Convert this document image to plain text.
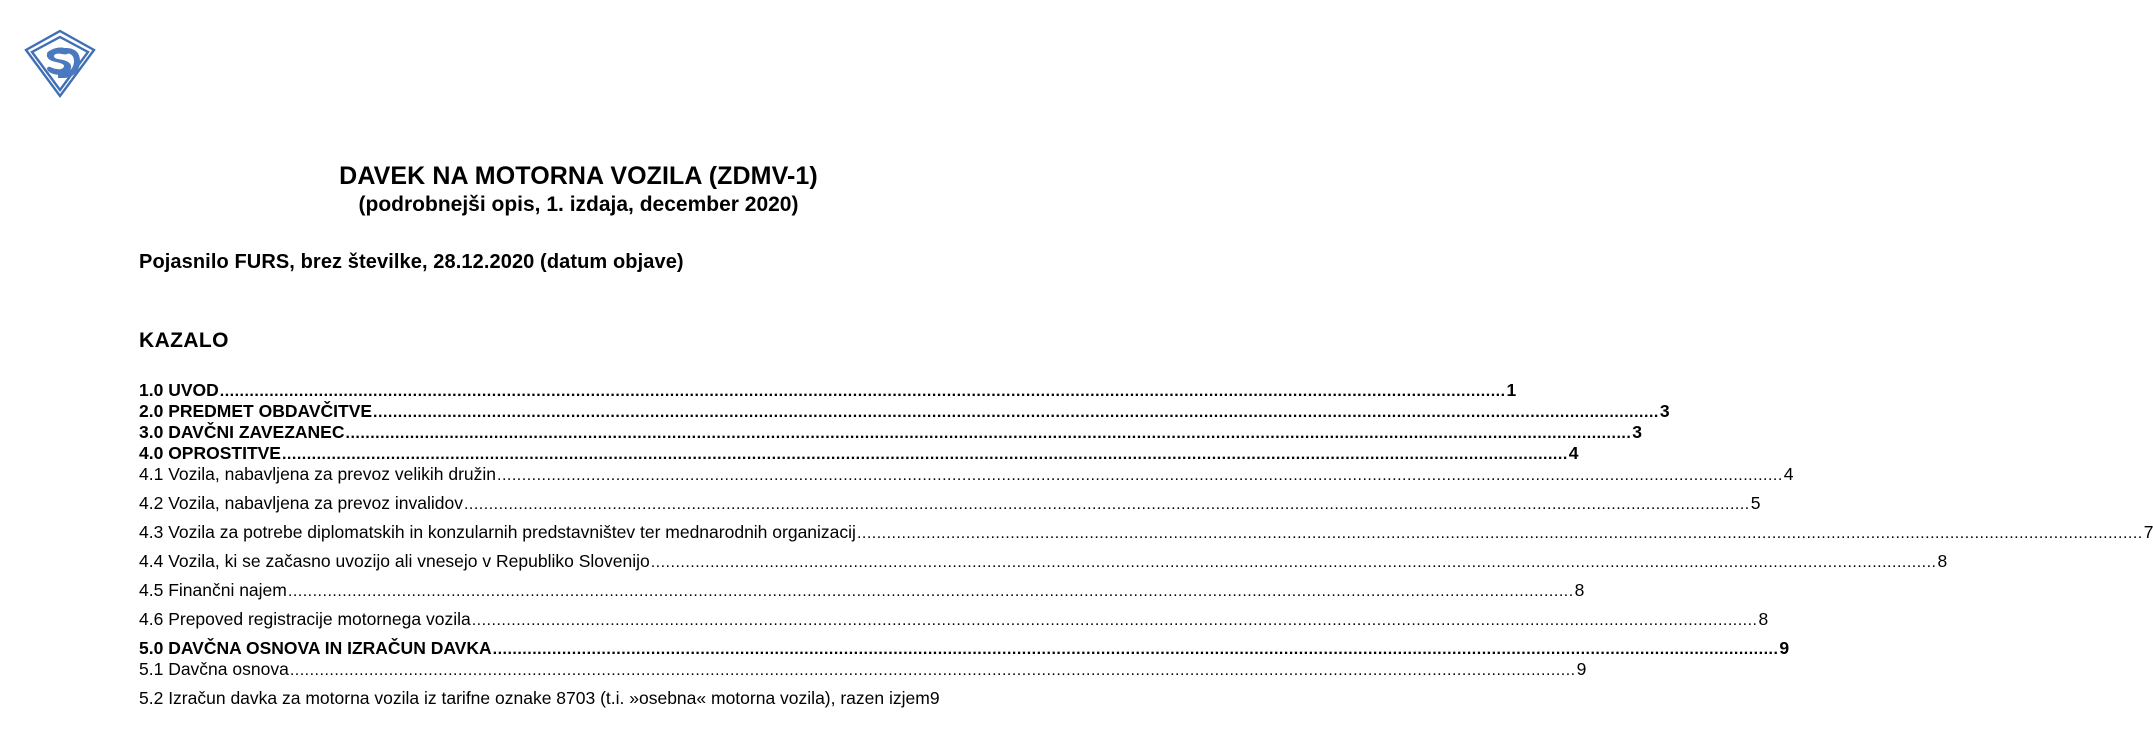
DAVEK NA MOTORNA VOZILA (ZDMV-1)
(podrobnejši opis, 1. izdaja, december 2020)
Pojasnilo FURS, brez številke, 28.12.2020 (datum objave)
KAZALO
1.0 UVOD .................................................................................................................................................................................................................................................................... 1
2.0 PREDMET OBDAVČITVE .................................................................................................................................................................................................................................................................... 3
3.0 DAVČNI ZAVEZANEC .................................................................................................................................................................................................................................................................... 3
4.0 OPROSTITVE .................................................................................................................................................................................................................................................................... 4
4.1 Vozila, nabavljena za prevoz velikih družin .................................................................................................................................................................................................................................................................... 4
4.2 Vozila, nabavljena za prevoz invalidov .................................................................................................................................................................................................................................................................... 5
4.3 Vozila za potrebe diplomatskih in konzularnih predstavništev ter mednarodnih organizacij .................................................................................................................................................................................................................................................................... 7
4.4 Vozila, ki se začasno uvozijo ali vnesejo v Republiko Slovenijo .................................................................................................................................................................................................................................................................... 8
4.5 Finančni najem .................................................................................................................................................................................................................................................................... 8
4.6 Prepoved registracije motornega vozila .................................................................................................................................................................................................................................................................... 8
5.0 DAVČNA OSNOVA IN IZRAČUN DAVKA .................................................................................................................................................................................................................................................................... 9
5.1 Davčna osnova .................................................................................................................................................................................................................................................................... 9
5.2 Izračun davka za motorna vozila iz tarifne oznake 8703 (t.i. »osebna« motorna vozila), razen izjem 9
